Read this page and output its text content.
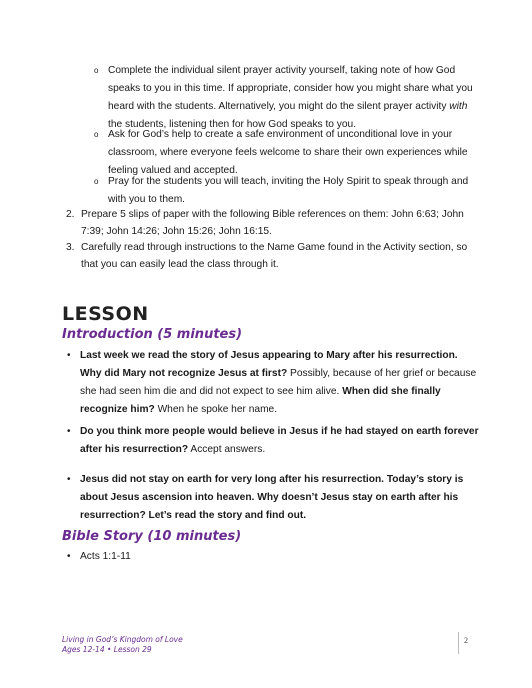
o Complete the individual silent prayer activity yourself, taking note of how God
speaks to you in this time. If appropriate, consider how you might share what you
heard with the students. Alternatively, you might do the silent prayer activity with
the students, listening then for how God speaks to you.
o Ask for God’s help to create a safe environment of unconditional love in your
classroom, where everyone feels welcome to share their own experiences while
feeling valued and accepted.
o Pray for the students you will teach, inviting the Holy Spirit to speak through and
with you to them.
2. Prepare 5 slips of paper with the following Bible references on them: John 6:63; John
7:39; John 14:26; John 15:26; John 16:15.
3. Carefully read through instructions to the Name Game found in the Activity section, so
that you can easily lead the class through it.
LESSON
Introduction (5 minutes)
• Last week we read the story of Jesus appearing to Mary after his resurrection.
Why did Mary not recognize Jesus at first? Possibly, because of her grief or because
she had seen him die and did not expect to see him alive. When did she finally
recognize him? When he spoke her name.
• Do you think more people would believe in Jesus if he had stayed on earth forever
after his resurrection? Accept answers.
• Jesus did not stay on earth for very long after his resurrection. Today’s story is
about Jesus ascension into heaven. Why doesn’t Jesus stay on earth after his
resurrection? Let’s read the story and find out.
Bible Story (10 minutes)
• Acts 1:1-11
Living in God’s Kingdom of Love
Ages 12-14 • Lesson 29
2
